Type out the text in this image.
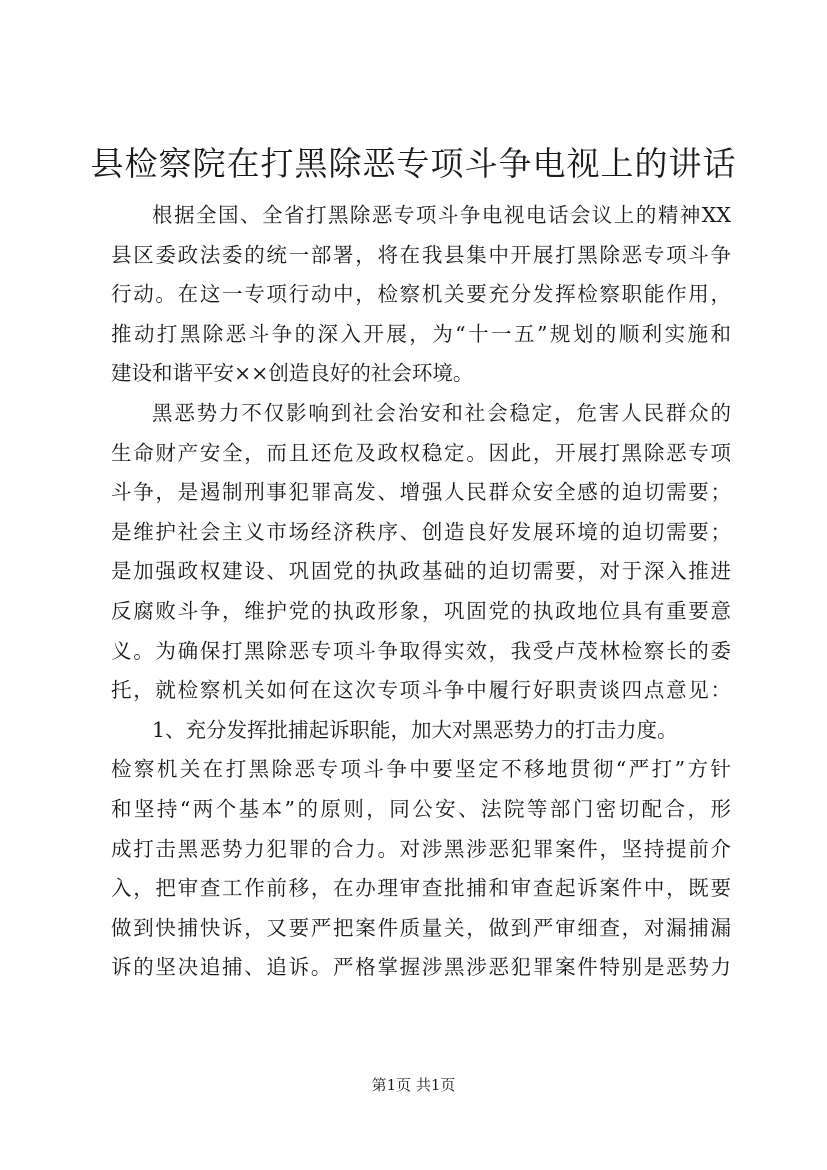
县检察院在打黑除恶专项斗争电视上的讲话
根据全国、全省打黑除恶专项斗争电视电话会议上的精神XX
县区委政法委的统一部署，将在我县集中开展打黑除恶专项斗争
行动。在这一专项行动中，检察机关要充分发挥检察职能作用，
推动打黑除恶斗争的深入开展，为“十一五”规划的顺利实施和
建设和谐平安××创造良好的社会环境。
黑恶势力不仅影响到社会治安和社会稳定，危害人民群众的
生命财产安全，而且还危及政权稳定。因此，开展打黑除恶专项
斗争，是遏制刑事犯罪高发、增强人民群众安全感的迫切需要；
是维护社会主义市场经济秩序、创造良好发展环境的迫切需要；
是加强政权建设、巩固党的执政基础的迫切需要，对于深入推进
反腐败斗争，维护党的执政形象，巩固党的执政地位具有重要意
义。为确保打黑除恶专项斗争取得实效，我受卢茂林检察长的委
托，就检察机关如何在这次专项斗争中履行好职责谈四点意见：
1、充分发挥批捕起诉职能，加大对黑恶势力的打击力度。
检察机关在打黑除恶专项斗争中要坚定不移地贯彻“严打”方针
和坚持“两个基本”的原则，同公安、法院等部门密切配合，形
成打击黑恶势力犯罪的合力。对涉黑涉恶犯罪案件，坚持提前介
入，把审查工作前移，在办理审查批捕和审查起诉案件中，既要
做到快捕快诉，又要严把案件质量关，做到严审细查，对漏捕漏
诉的坚决追捕、追诉。严格掌握涉黑涉恶犯罪案件特别是恶势力
第1页 共1页
